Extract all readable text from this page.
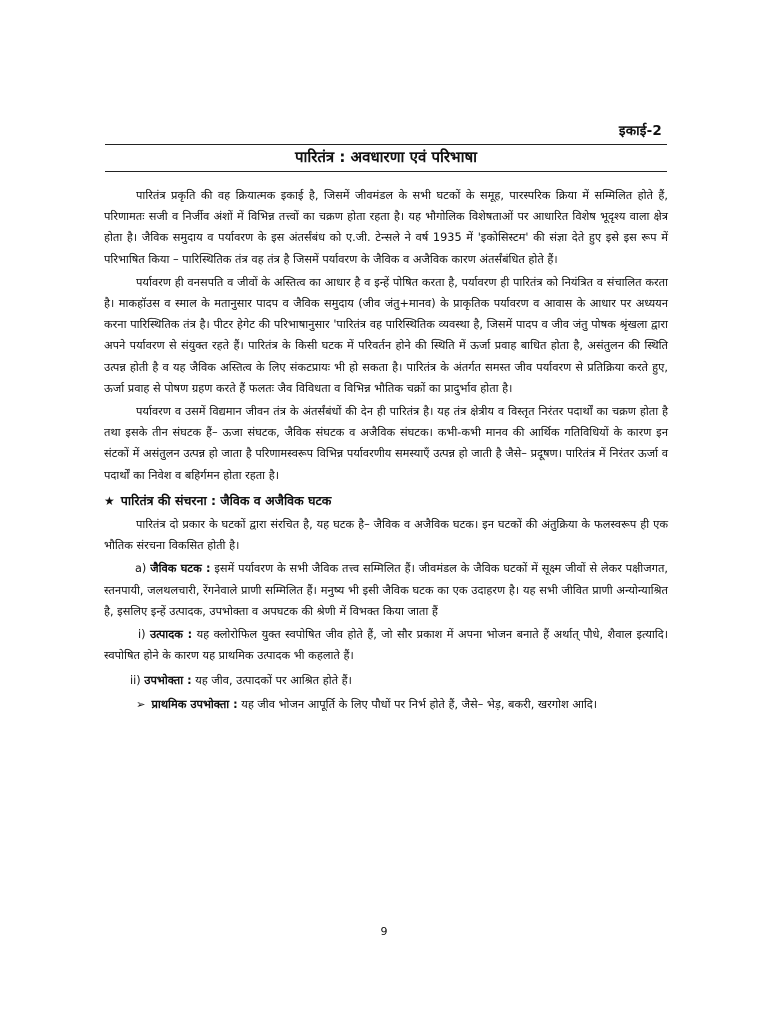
इकाई-2
पारितंत्र : अवधारणा एवं परिभाषा

पारितंत्र प्रकृति की वह क्रियात्मक इकाई है, जिसमें जीवमंडल के सभी घटकों के समूह, पारस्परिक क्रिया में सम्मिलित होते हैं, परिणामतः सजी व निर्जीव अंशों में विभिन्न तत्त्वों का चक्रण होता रहता है। यह भौगोलिक विशेषताओं पर आधारित विशेष भूदृश्य वाला क्षेत्र होता है। जैविक समुदाय व पर्यावरण के इस अंतर्संबंध को ए.जी. टेन्सले ने वर्ष 1935 में 'इकोसिस्टम' की संज्ञा देते हुए इसे इस रूप में परिभाषित किया – पारिस्थितिक तंत्र वह तंत्र है जिसमें पर्यावरण के जैविक व अजैविक कारण अंतर्संबंधित होते हैं।

पर्यावरण ही वनसपति व जीवों के अस्तित्व का आधार है व इन्हें पोषित करता है, पर्यावरण ही पारितंत्र को नियंत्रित व संचालित करता है। माकहॉउस व स्माल के मतानुसार पादप व जैविक समुदाय (जीव जंतु+मानव) के प्राकृतिक पर्यावरण व आवास के आधार पर अध्ययन करना पारिस्थितिक तंत्र है। पीटर हेगेट की परिभाषानुसार 'पारितंत्र वह पारिस्थितिक व्यवस्था है, जिसमें पादप व जीव जंतु पोषक श्रृंखला द्वारा अपने पर्यावरण से संयुक्त रहते हैं। पारितंत्र के किसी घटक में परिवर्तन होने की स्थिति में ऊर्जा प्रवाह बाधित होता है, असंतुलन की स्थिति उत्पन्न होती है व यह जैविक अस्तित्व के लिए संकटप्रायः भी हो सकता है। पारितंत्र के अंतर्गत समस्त जीव पर्यावरण से प्रतिक्रिया करते हुए, ऊर्जा प्रवाह से पोषण ग्रहण करते हैं फलतः जैव विविधता व विभिन्न भौतिक चक्रों का प्रादुर्भाव होता है।

पर्यावरण व उसमें विद्यमान जीवन तंत्र के अंतर्संबंधों की देन ही पारितंत्र है। यह तंत्र क्षेत्रीय व विस्तृत निरंतर पदार्थों का चक्रण होता है तथा इसके तीन संघटक हैं– ऊजा संघटक, जैविक संघटक व अजैविक संघटक। कभी-कभी मानव की आर्थिक गतिविधियों के कारण इन संटकों में असंतुलन उत्पन्न हो जाता है परिणामस्वरूप विभिन्न पर्यावरणीय समस्याएँ उत्पन्न हो जाती है जैसे– प्रदूषण। पारितंत्र में निरंतर ऊर्जा व पदार्थों का निवेश व बहिर्गमन होता रहता है।

★ पारितंत्र की संचरना : जैविक व अजैविक घटक

पारितंत्र दो प्रकार के घटकों द्वारा संरचित है, यह घटक है– जैविक व अजैविक घटक। इन घटकों की अंतुक्रिया के फलस्वरूप ही एक भौतिक संरचना विकसित होती है।

a) जैविक घटक : इसमें पर्यावरण के सभी जैविक तत्त्व सम्मिलित हैं। जीवमंडल के जैविक घटकों में सूक्ष्म जीवों से लेकर पक्षीजगत, स्तनपायी, जलथलचारी, रेंगनेवाले प्राणी सम्मिलित हैं। मनुष्य भी इसी जैविक घटक का एक उदाहरण है। यह सभी जीवित प्राणी अन्योन्याश्रित है, इसलिए इन्हें उत्पादक, उपभोक्ता व अपघटक की श्रेणी में विभक्त किया जाता हैं

i) उत्पादक : यह क्लोरोफिल युक्त स्वपोषित जीव होते हैं, जो सौर प्रकाश में अपना भोजन बनाते हैं अर्थात् पौधे, शैवाल इत्यादि। स्वपोषित होने के कारण यह प्राथमिक उत्पादक भी कहलाते हैं।

ii) उपभोक्ता : यह जीव, उत्पादकों पर आश्रित होते हैं।

➢ प्राथमिक उपभोक्ता : यह जीव भोजन आपूर्ति के लिए पौधों पर निर्भ होते हैं, जैसे– भेड़, बकरी, खरगोश आदि।

9
